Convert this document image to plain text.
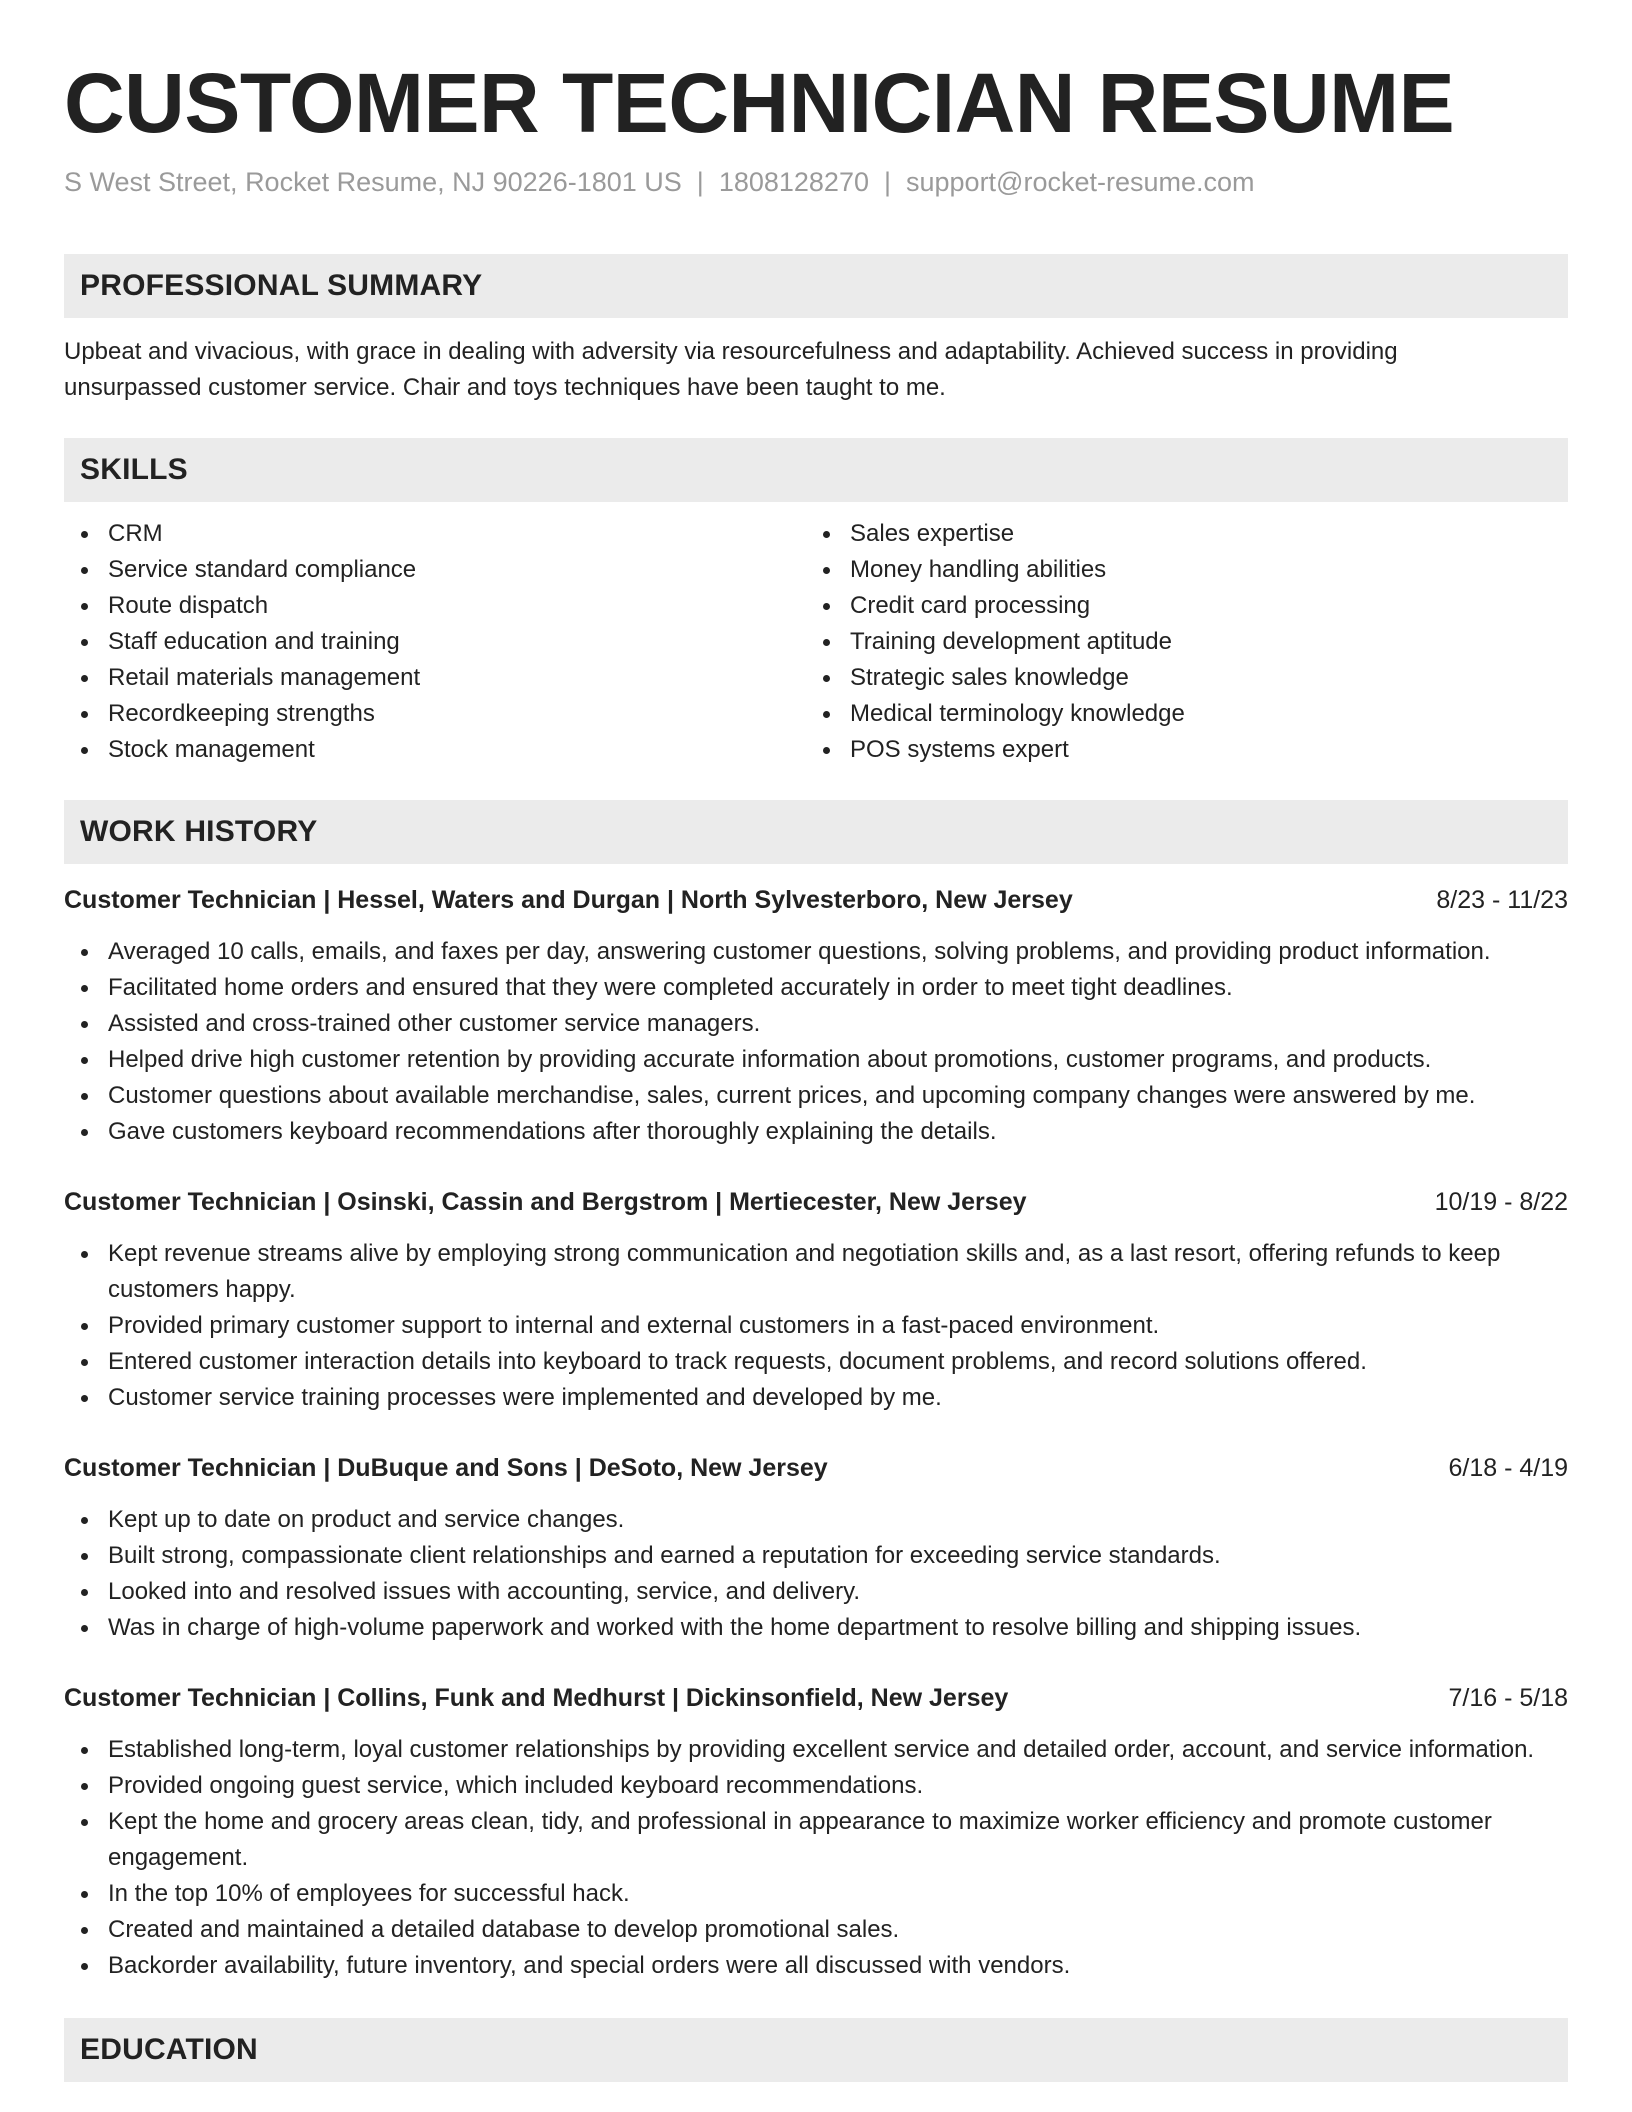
CUSTOMER TECHNICIAN RESUME
S West Street, Rocket Resume, NJ 90226-1801 US | 1808128270 | support@rocket-resume.com
PROFESSIONAL SUMMARY

Upbeat and vivacious, with grace in dealing with adversity via resourcefulness and adaptability. Achieved success in providing unsurpassed customer service. Chair and toys techniques have been taught to me.

SKILLS
CRM
Service standard compliance
Route dispatch
Staff education and training
Retail materials management
Recordkeeping strengths
Stock management
Sales expertise
Money handling abilities
Credit card processing
Training development aptitude
Strategic sales knowledge
Medical terminology knowledge
POS systems expert
WORK HISTORY
Customer Technician | Hessel, Waters and Durgan | North Sylvesterboro, New Jersey	8/23 - 11/23
Averaged 10 calls, emails, and faxes per day, answering customer questions, solving problems, and providing product information.
Facilitated home orders and ensured that they were completed accurately in order to meet tight deadlines.
Assisted and cross-trained other customer service managers.
Helped drive high customer retention by providing accurate information about promotions, customer programs, and products.
Customer questions about available merchandise, sales, current prices, and upcoming company changes were answered by me.
Gave customers keyboard recommendations after thoroughly explaining the details.
Customer Technician | Osinski, Cassin and Bergstrom | Mertiecester, New Jersey	10/19 - 8/22
Kept revenue streams alive by employing strong communication and negotiation skills and, as a last resort, offering refunds to keep customers happy.
Provided primary customer support to internal and external customers in a fast-paced environment.
Entered customer interaction details into keyboard to track requests, document problems, and record solutions offered.
Customer service training processes were implemented and developed by me.
Customer Technician | DuBuque and Sons | DeSoto, New Jersey	6/18 - 4/19
Kept up to date on product and service changes.
Built strong, compassionate client relationships and earned a reputation for exceeding service standards.
Looked into and resolved issues with accounting, service, and delivery.
Was in charge of high-volume paperwork and worked with the home department to resolve billing and shipping issues.
Customer Technician | Collins, Funk and Medhurst | Dickinsonfield, New Jersey	7/16 - 5/18
Established long-term, loyal customer relationships by providing excellent service and detailed order, account, and service information.
Provided ongoing guest service, which included keyboard recommendations.
Kept the home and grocery areas clean, tidy, and professional in appearance to maximize worker efficiency and promote customer engagement.
In the top 10% of employees for successful hack.
Created and maintained a detailed database to develop promotional sales.
Backorder availability, future inventory, and special orders were all discussed with vendors.
EDUCATION
